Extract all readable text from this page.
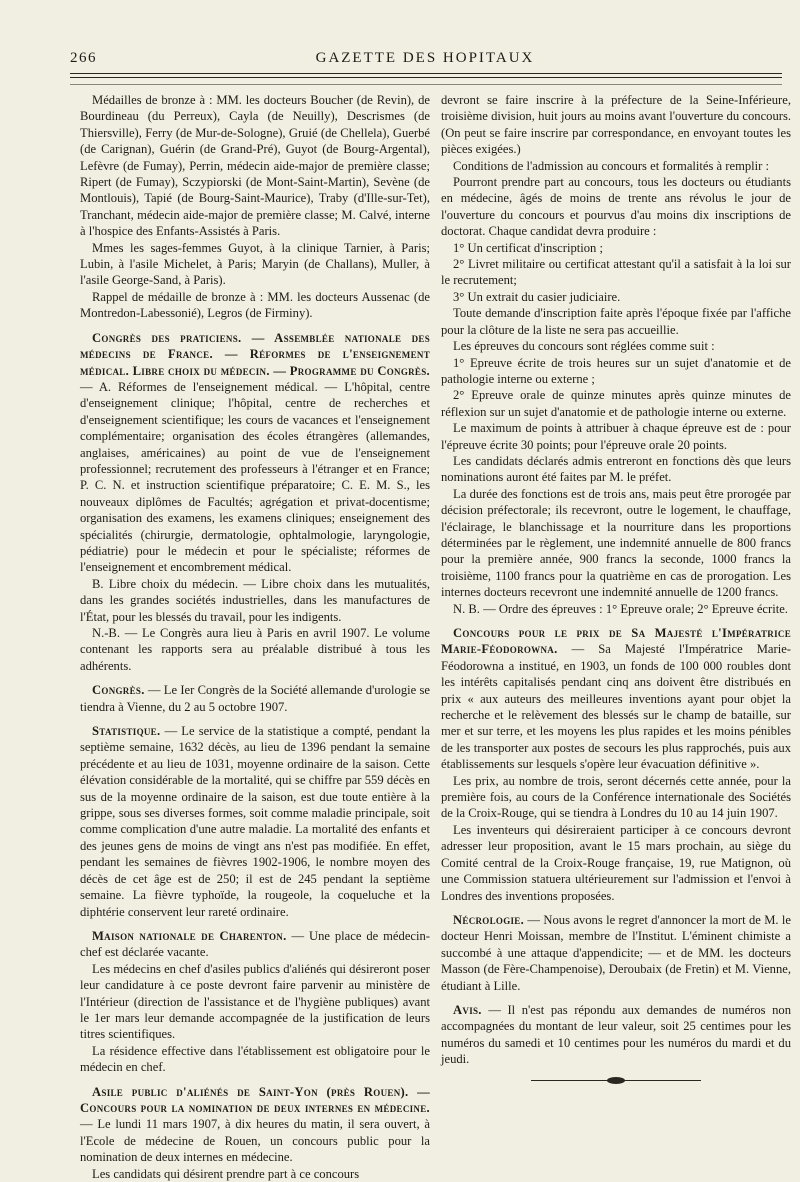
266	GAZETTE DES HOPITAUX

Médailles de bronze à : MM. les docteurs Boucher (de Revin), de Bourdineau (du Perreux), Cayla (de Neuilly), Descrismes (de Thiersville), Ferry (de Mur-de-Sologne), Gruié (de Chellela), Guerbé (de Carignan), Guérin (de Grand-Pré), Guyot (de Bourg-Argental), Lefèvre (de Fumay), Perrin, médecin aide-major de première classe; Ripert (de Fumay), Sczypiorski (de Mont-Saint-Martin), Sevène (de Montlouis), Tapié (de Bourg-Saint-Maurice), Traby (d'Ille-sur-Tet), Tranchant, médecin aide-major de première classe; M. Calvé, interne à l'hospice des Enfants-Assistés à Paris.

Mmes les sages-femmes Guyot, à la clinique Tarnier, à Paris; Lubin, à l'asile Michelet, à Paris; Maryin (de Challans), Muller, à l'asile George-Sand, à Paris).

Rappel de médaille de bronze à : MM. les docteurs Aussenac (de Montredon-Labessonié), Legros (de Firminy).

Congrès des praticiens. — Assemblée nationale des médecins de France. — Réformes de l'enseignement médical. Libre choix du médecin. — Programme du Congrès. — A. Réformes de l'enseignement médical. — L'hôpital, centre d'enseignement clinique; l'hôpital, centre de recherches et d'enseignement scientifique; les cours de vacances et l'enseignement complémentaire; organisation des écoles étrangères (allemandes, anglaises, américaines) au point de vue de l'enseignement professionnel; recrutement des professeurs à l'étranger et en France; P. C. N. et instruction scientifique préparatoire; C. E. M. S., les nouveaux diplômes de Facultés; agrégation et privat-docentisme; organisation des examens, les examens cliniques; enseignement des spécialités (chirurgie, dermatologie, ophtalmologie, laryngologie, pédiatrie) pour le médecin et pour le spécialiste; réformes de l'enseignement et encombrement médical.

B. Libre choix du médecin. — Libre choix dans les mutualités, dans les grandes sociétés industrielles, dans les manufactures de l'État, pour les blessés du travail, pour les indigents.

N.-B. — Le Congrès aura lieu à Paris en avril 1907. Le volume contenant les rapports sera au préalable distribué à tous les adhérents.

Congrès. — Le Ier Congrès de la Société allemande d'urologie se tiendra à Vienne, du 2 au 5 octobre 1907.

Statistique. — Le service de la statistique a compté, pendant la septième semaine, 1632 décès, au lieu de 1396 pendant la semaine précédente et au lieu de 1031, moyenne ordinaire de la saison. Cette élévation considérable de la mortalité, qui se chiffre par 559 décès en sus de la moyenne ordinaire de la saison, est due toute entière à la grippe, sous ses diverses formes, soit comme maladie principale, soit comme complication d'une autre maladie. La mortalité des enfants et des jeunes gens de moins de vingt ans n'est pas modifiée. En effet, pendant les semaines de fièvres 1902-1906, le nombre moyen des décès de cet âge est de 250; il est de 245 pendant la septième semaine. La fièvre typhoïde, la rougeole, la coqueluche et la diphtérie conservent leur rareté ordinaire.

Maison nationale de Charenton. — Une place de médecin-chef est déclarée vacante.

Les médecins en chef d'asiles publics d'aliénés qui désireront poser leur candidature à ce poste devront faire parvenir au ministère de l'Intérieur (direction de l'assistance et de l'hygiène publiques) avant le 1er mars leur demande accompagnée de la justification de leurs titres scientifiques.

La résidence effective dans l'établissement est obligatoire pour le médecin en chef.

Asile public d'aliénés de Saint-Yon (près Rouen). — Concours pour la nomination de deux internes en médecine. — Le lundi 11 mars 1907, à dix heures du matin, il sera ouvert, à l'Ecole de médecine de Rouen, un concours public pour la nomination de deux internes en médecine.

Les candidats qui désirent prendre part à ce concours

devront se faire inscrire à la préfecture de la Seine-Inférieure, troisième division, huit jours au moins avant l'ouverture du concours. (On peut se faire inscrire par correspondance, en envoyant toutes les pièces exigées.)

Conditions de l'admission au concours et formalités à remplir :

Pourront prendre part au concours, tous les docteurs ou étudiants en médecine, âgés de moins de trente ans révolus le jour de l'ouverture du concours et pourvus d'au moins dix inscriptions de doctorat. Chaque candidat devra produire :

1° Un certificat d'inscription ;

2° Livret militaire ou certificat attestant qu'il a satisfait à la loi sur le recrutement;

3° Un extrait du casier judiciaire.

Toute demande d'inscription faite après l'époque fixée par l'affiche pour la clôture de la liste ne sera pas accueillie.

Les épreuves du concours sont réglées comme suit :

1° Epreuve écrite de trois heures sur un sujet d'anatomie et de pathologie interne ou externe ;

2° Epreuve orale de quinze minutes après quinze minutes de réflexion sur un sujet d'anatomie et de pathologie interne ou externe.

Le maximum de points à attribuer à chaque épreuve est de : pour l'épreuve écrite 30 points; pour l'épreuve orale 20 points.

Les candidats déclarés admis entreront en fonctions dès que leurs nominations auront été faites par M. le préfet.

La durée des fonctions est de trois ans, mais peut être prorogée par décision préfectorale; ils recevront, outre le logement, le chauffage, l'éclairage, le blanchissage et la nourriture dans les proportions déterminées par le règlement, une indemnité annuelle de 800 francs pour la première année, 900 francs la seconde, 1000 francs la troisième, 1100 francs pour la quatrième en cas de prorogation. Les internes docteurs recevront une indemnité annuelle de 1200 francs.

N. B. — Ordre des épreuves : 1° Epreuve orale; 2° Epreuve écrite.

Concours pour le prix de Sa Majesté l'Impératrice Marie-Féodorowna. — Sa Majesté l'Impératrice Marie-Féodorowna a institué, en 1903, un fonds de 100 000 roubles dont les intérêts capitalisés pendant cinq ans doivent être distribués en prix « aux auteurs des meilleures inventions ayant pour objet la recherche et le relèvement des blessés sur le champ de bataille, sur mer et sur terre, et les moyens les plus rapides et les moins pénibles de les transporter aux postes de secours les plus rapprochés, puis aux établissements sur lesquels s'opère leur évacuation définitive ».

Les prix, au nombre de trois, seront décernés cette année, pour la première fois, au cours de la Conférence internationale des Sociétés de la Croix-Rouge, qui se tiendra à Londres du 10 au 14 juin 1907.

Les inventeurs qui désireraient participer à ce concours devront adresser leur proposition, avant le 15 mars prochain, au siège du Comité central de la Croix-Rouge française, 19, rue Matignon, où une Commission statuera ultérieurement sur l'admission et l'envoi à Londres des inventions proposées.

Nécrologie. — Nous avons le regret d'annoncer la mort de M. le docteur Henri Moissan, membre de l'Institut. L'éminent chimiste a succombé à une attaque d'appendicite; — et de MM. les docteurs Masson (de Fère-Champenoise), Deroubaix (de Fretin) et M. Vienne, étudiant à Lille.

Avis. — Il n'est pas répondu aux demandes de numéros non accompagnées du montant de leur valeur, soit 25 centimes pour les numéros du samedi et 10 centimes pour les numéros du mardi et du jeudi.
